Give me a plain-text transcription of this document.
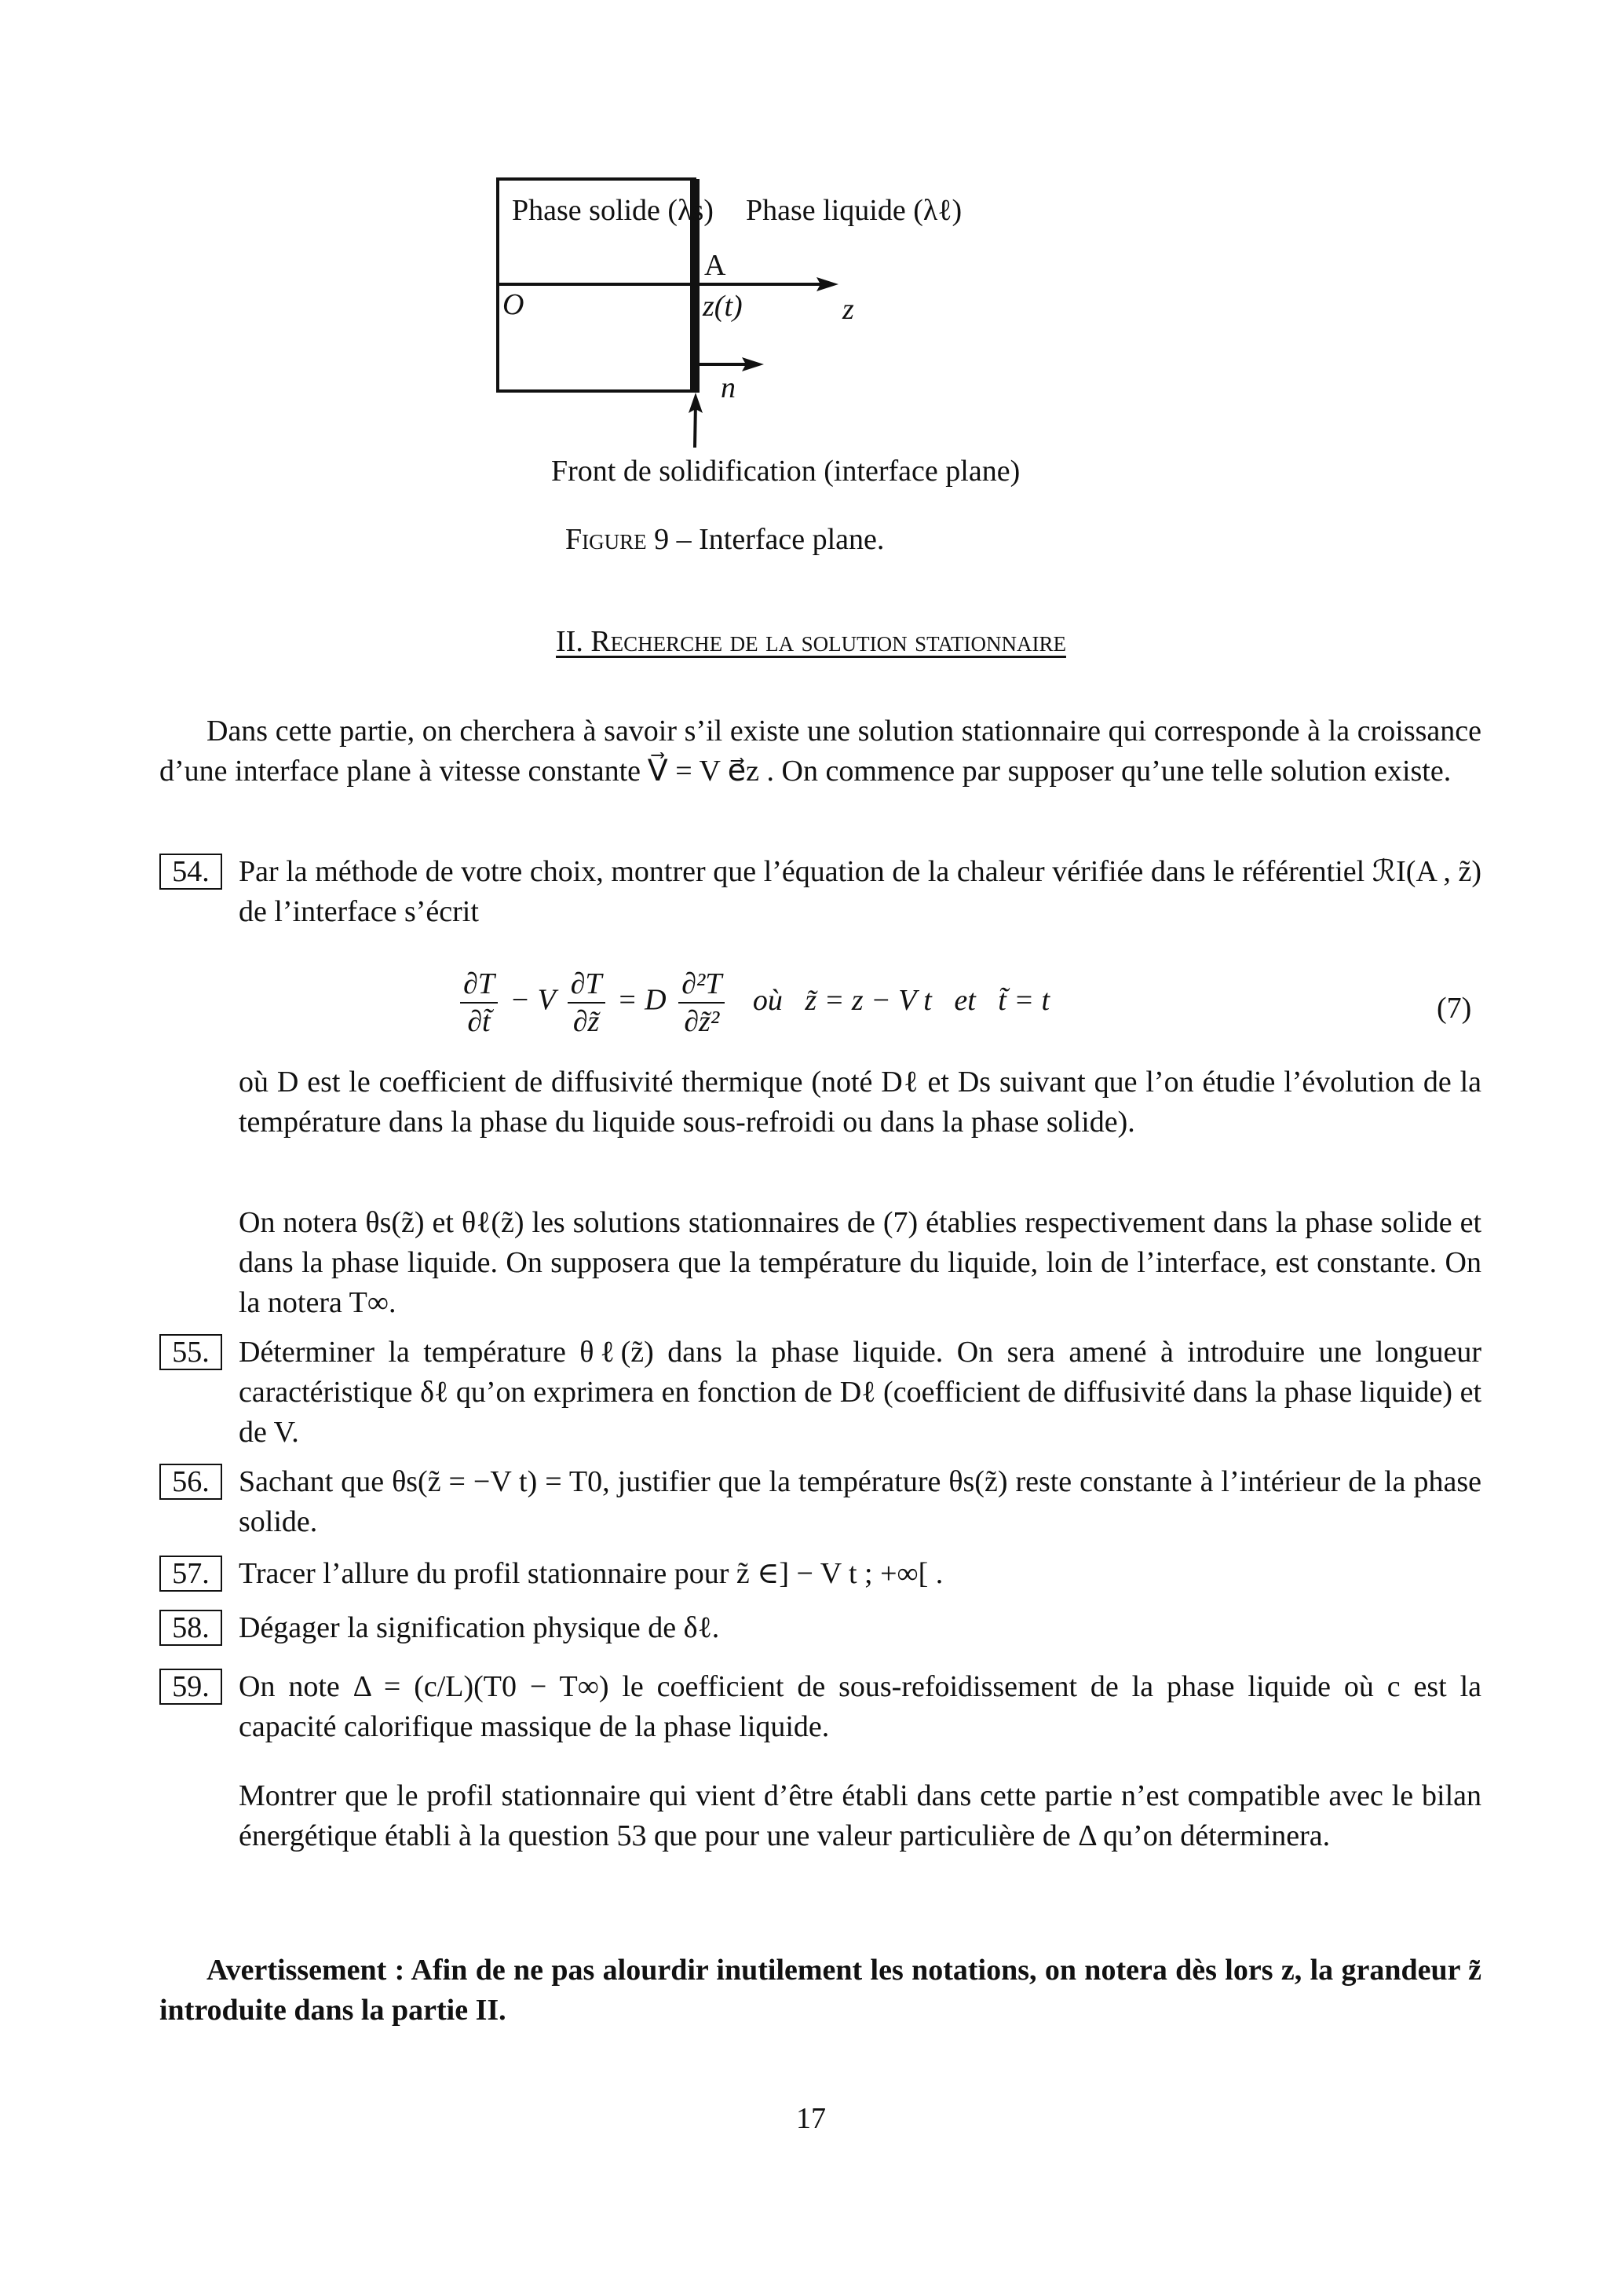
Phase solide (λs) Phase liquide (λℓ)
A
O	z(t)	z
n⃗
Front de solidification (interface plane)
Figure 9 – Interface plane.
II. Recherche de la solution stationnaire
Dans cette partie, on cherchera à savoir s’il existe une solution stationnaire qui corresponde à la croissance d’une interface plane à vitesse constante V⃗ = V e⃗z . On commence par supposer qu’une telle solution existe.
54. Par la méthode de votre choix, montrer que l’équation de la chaleur vérifiée dans le référentiel ℛI(A , z̃) de l’interface s’écrit
$\frac{\partial T}{\partial t̃} - V \frac{\partial T}{\partial z̃} = D \frac{\text{∂²T}}{\text{∂z̃²}}$ où   z̃ = z − V t   et   t̃ = t	(7)
où D est le coefficient de diffusivité thermique (noté Dℓ et Ds suivant que l’on étudie l’évolution de la température dans la phase du liquide sous-refroidi ou dans la phase solide).
On notera θs(z̃) et θℓ(z̃) les solutions stationnaires de (7) établies respectivement dans la phase solide et dans la phase liquide. On supposera que la température du liquide, loin de l’interface, est constante. On la notera T∞.
55. Déterminer la température θℓ(z̃) dans la phase liquide. On sera amené à introduire une longueur caractéristique δℓ qu’on exprimera en fonction de Dℓ (coefficient de diffusivité dans la phase liquide) et de V.
56. Sachant que θs(z̃ = −V t) = T0, justifier que la température θs(z̃) reste constante à l’intérieur de la phase solide.
57. Tracer l’allure du profil stationnaire pour z̃ ∈] − V t ; +∞[ .
58. Dégager la signification physique de δℓ.
59. On note Δ = (c/L)(T0 − T∞) le coefficient de sous-refoidissement de la phase liquide où c est la capacité calorifique massique de la phase liquide.
Montrer que le profil stationnaire qui vient d’être établi dans cette partie n’est compatible avec le bilan énergétique établi à la question 53 que pour une valeur particulière de Δ qu’on déterminera.
Avertissement : Afin de ne pas alourdir inutilement les notations, on notera dès lors z, la grandeur z̃ introduite dans la partie II.
17
